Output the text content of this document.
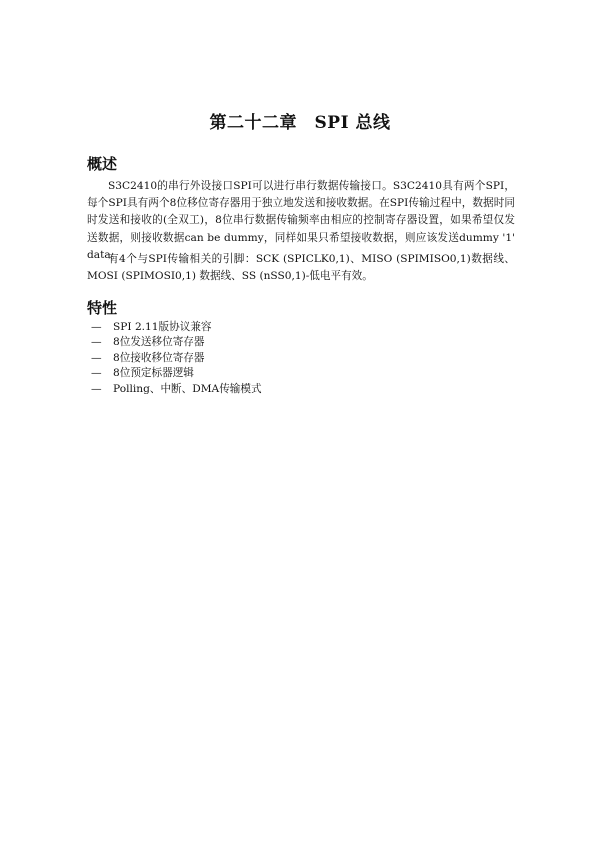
第二十二章　SPI 总线
概述

S3C2410的串行外设接口SPI可以进行串行数据传输接口。S3C2410具有两个SPI，每个SPI具有两个8位移位寄存器用于独立地发送和接收数据。在SPI传输过程中，数据时同时发送和接收的(全双工)，8位串行数据传输频率由相应的控制寄存器设置，如果希望仅发送数据，则接收数据can be dummy，同样如果只希望接收数据，则应该发送dummy '1' data。

有4个与SPI传输相关的引脚：SCK (SPICLK0,1)、MISO (SPIMISO0,1)数据线、MOSI (SPIMOSI0,1) 数据线、SS (nSS0,1)-低电平有效。

特性
— SPI 2.11版协议兼容
— 8位发送移位寄存器
— 8位接收移位寄存器
— 8位预定标器逻辑
— Polling、中断、DMA传输模式
